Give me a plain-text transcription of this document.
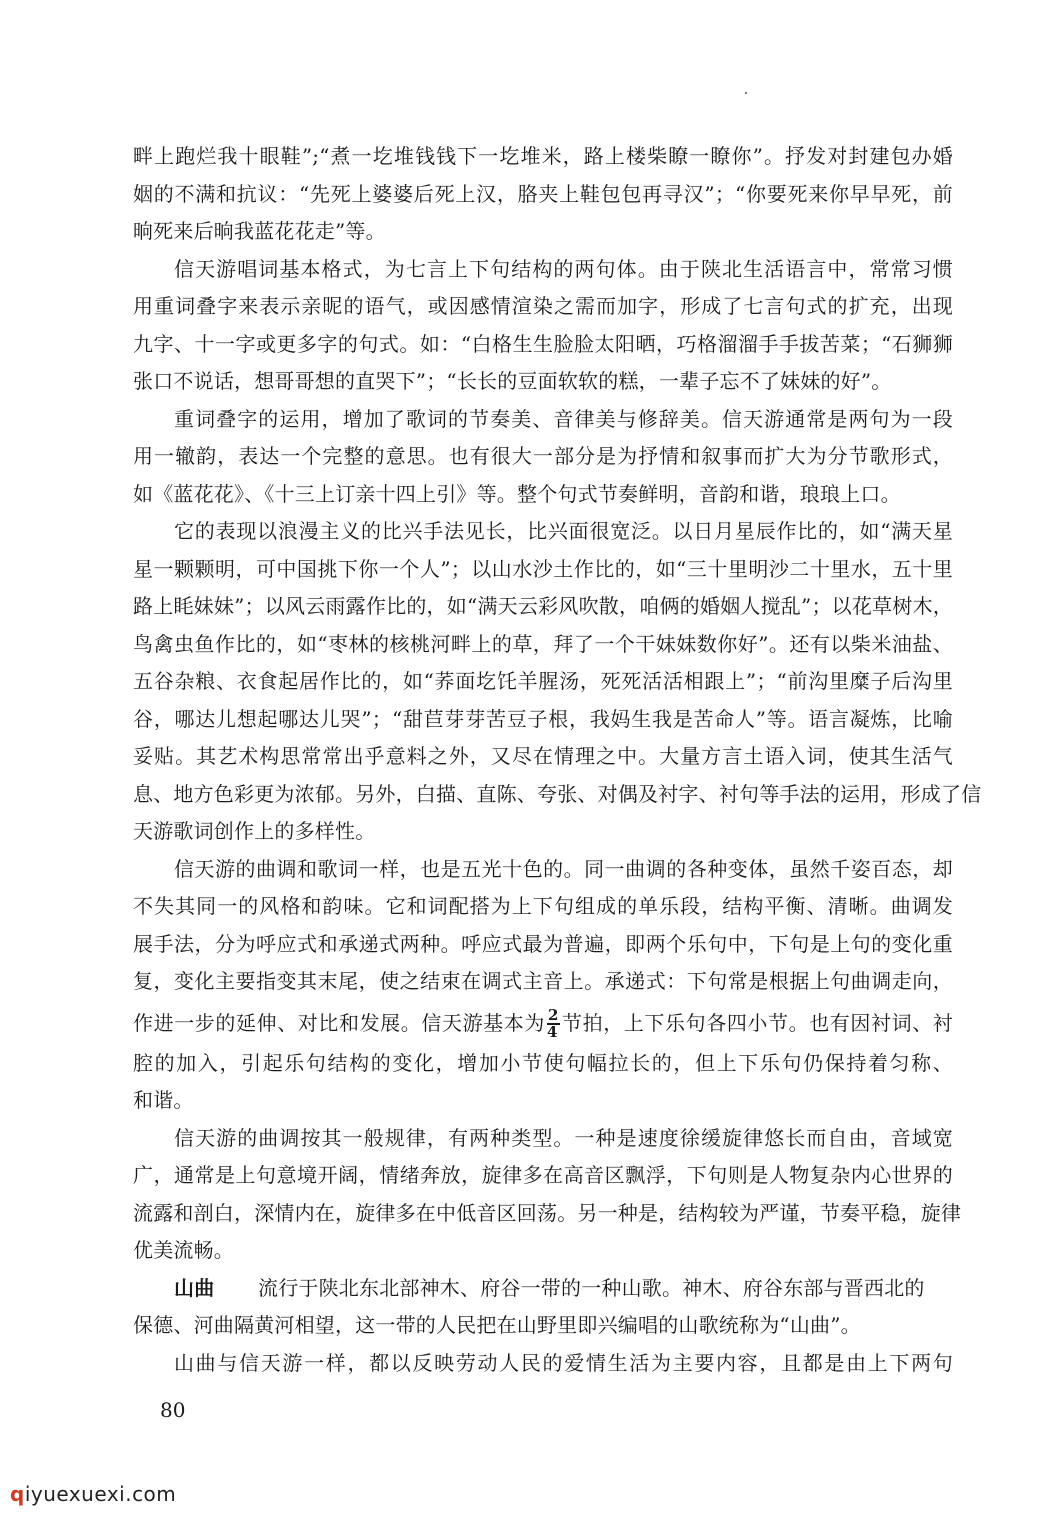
畔上跑烂我十眼鞋”;“煮一圪堆钱钱下一圪堆米，路上楼柴瞭一瞭你”。抒发对封建包办婚
姻的不满和抗议：“先死上婆婆后死上汉，胳夹上鞋包包再寻汉”；“你要死来你早早死，前
晌死来后晌我蓝花花走”等。
信天游唱词基本格式，为七言上下句结构的两句体。由于陕北生活语言中，常常习惯
用重词叠字来表示亲昵的语气，或因感情渲染之需而加字，形成了七言句式的扩充，出现
九字、十一字或更多字的句式。如：“白格生生脸脸太阳晒，巧格溜溜手手拔苦菜；“石狮狮
张口不说话，想哥哥想的直哭下”；“长长的豆面软软的糕，一辈子忘不了妹妹的好”。
重词叠字的运用，增加了歌词的节奏美、音律美与修辞美。信天游通常是两句为一段
用一辙韵，表达一个完整的意思。也有很大一部分是为抒情和叙事而扩大为分节歌形式，
如《蓝花花》、《十三上订亲十四上引》等。整个句式节奏鲜明，音韵和谐，琅琅上口。
它的表现以浪漫主义的比兴手法见长，比兴面很宽泛。以日月星辰作比的，如“满天星
星一颗颗明，可中国挑下你一个人”；以山水沙土作比的，如“三十里明沙二十里水，五十里
路上眊妹妹”；以风云雨露作比的，如“满天云彩风吹散，咱俩的婚姻人搅乱”；以花草树木，
鸟禽虫鱼作比的，如“枣林的核桃河畔上的草，拜了一个干妹妹数你好”。还有以柴米油盐、
五谷杂粮、衣食起居作比的，如“荞面圪饦羊腥汤，死死活活相跟上”；“前沟里糜子后沟里
谷，哪达儿想起哪达儿哭”；“甜苣芽芽苦豆子根，我妈生我是苦命人”等。语言凝炼，比喻
妥贴。其艺术构思常常出乎意料之外，又尽在情理之中。大量方言土语入词，使其生活气
息、地方色彩更为浓郁。另外，白描、直陈、夸张、对偶及衬字、衬句等手法的运用，形成了信
天游歌词创作上的多样性。
信天游的曲调和歌词一样，也是五光十色的。同一曲调的各种变体，虽然千姿百态，却
不失其同一的风格和韵味。它和词配搭为上下句组成的单乐段，结构平衡、清晰。曲调发
展手法，分为呼应式和承递式两种。呼应式最为普遍，即两个乐句中，下句是上句的变化重
复，变化主要指变其末尾，使之结束在调式主音上。承递式：下句常是根据上句曲调走向，
作进一步的延伸、对比和发展。信天游基本为 $\frac{2}{4}$ 节拍，上下乐句各四小节。也有因衬词、衬
腔的加入，引起乐句结构的变化，增加小节使句幅拉长的，但上下乐句仍保持着匀称、
和谐。
信天游的曲调按其一般规律，有两种类型。一种是速度徐缓旋律悠长而自由，音域宽
广，通常是上句意境开阔，情绪奔放，旋律多在高音区飘浮，下句则是人物复杂内心世界的
流露和剖白，深情内在，旋律多在中低音区回荡。另一种是，结构较为严谨，节奏平稳，旋律
优美流畅。
山曲 流行于陕北东北部神木、府谷一带的一种山歌。神木、府谷东部与晋西北的
保德、河曲隔黄河相望，这一带的人民把在山野里即兴编唱的山歌统称为“山曲”。
山曲与信天游一样，都以反映劳动人民的爱情生活为主要内容，且都是由上下两句
80
qiyuexuexi.com
